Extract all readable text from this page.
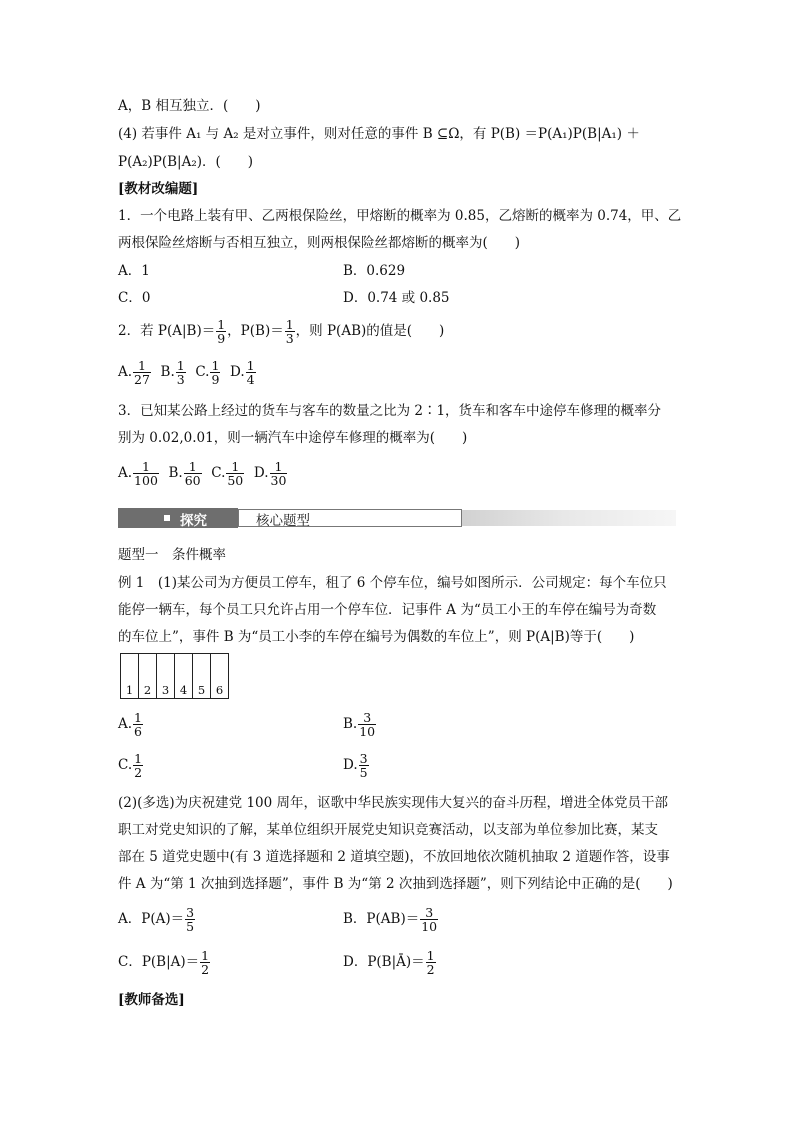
A，B 相互独立．(　　)
(4) 若事件 A₁ 与 A₂ 是对立事件，则对任意的事件 B ⊆Ω，有 P(B) ＝P(A₁)P(B|A₁) ＋
P(A₂)P(B|A₂)．(　　)
[教材改编题]
1．一个电路上装有甲、乙两根保险丝，甲熔断的概率为 0.85，乙熔断的概率为 0.74，甲、乙
两根保险丝熔断与否相互独立，则两根保险丝都熔断的概率为(　　)
A．1	B．0.629
C．0	D．0.74 或 0.85
2．若 $P(A|B)= \frac{1}{9}$ ，$P(B)= \frac{1}{3}$ ，则 P(AB)的值是(　　)
A. $\frac{1}{27} B$. $\frac{1}{3} C$. $\frac{1}{9} D$. $\frac{1}{4}$
3．已知某公路上经过的货车与客车的数量之比为 2∶1，货车和客车中途停车修理的概率分
别为 0.02,0.01，则一辆汽车中途停车修理的概率为(　　)
A. $\frac{1}{100} B$. $\frac{1}{60} C$. $\frac{1}{50} D$. $\frac{1}{30}$
探究	核心题型
题型一　条件概率
例 1　(1)某公司为方便员工停车，租了 6 个停车位，编号如图所示．公司规定：每个车位只
能停一辆车，每个员工只允许占用一个停车位．记事件 A 为“员工小王的车停在编号为奇数
的车位上”，事件 B 为“员工小李的车停在编号为偶数的车位上”，则 P(A|B)等于(　　)
1 2 3 4 5 6
A. $\frac{1}{6}$	B. $\frac{3}{10}$
C. $\frac{1}{2}$	D. $\frac{3}{5}$
(2)(多选)为庆祝建党 100 周年，讴歌中华民族实现伟大复兴的奋斗历程，增进全体党员干部
职工对党史知识的了解，某单位组织开展党史知识竞赛活动，以支部为单位参加比赛，某支
部在 5 道党史题中(有 3 道选择题和 2 道填空题)，不放回地依次随机抽取 2 道题作答，设事
件 A 为“第 1 次抽到选择题”，事件 B 为“第 2 次抽到选择题”，则下列结论中正确的是(　　)
A．$P(A)= \frac{3}{5}$	B．$P(AB)= \frac{3}{10}$
C．$P(B|A)= \frac{1}{2}$	D．P(B|Ā)＝ $\frac{1}{2}$
[教师备选]
